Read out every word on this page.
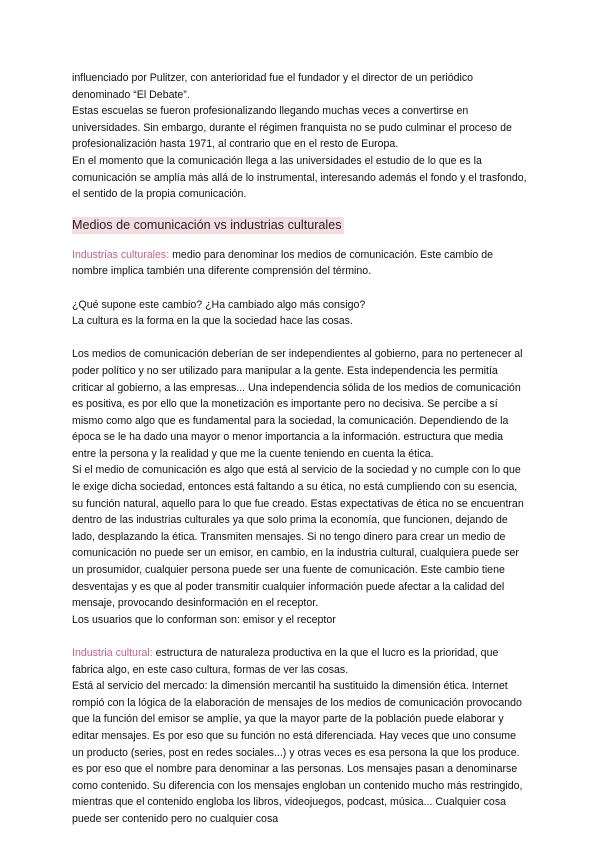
influenciado por Pulitzer, con anterioridad fue el fundador y el director de un periódico denominado “El Debate”.

Estas escuelas se fueron profesionalizando llegando muchas veces a convertirse en universidades. Sin embargo, durante el régimen franquista no se pudo culminar el proceso de profesionalización hasta 1971, al contrario que en el resto de Europa.

En el momento que la comunicación llega a las universidades el estudio de lo que es la comunicación se amplía más allá de lo instrumental, interesando además el fondo y el trasfondo, el sentido de la propia comunicación.

Medios de comunicación vs industrias culturales

Industrias culturales: medio para denominar los medios de comunicación. Este cambio de nombre implica también una diferente comprensión del término.

¿Qué supone este cambio? ¿Ha cambiado algo más consigo?

La cultura es la forma en la que la sociedad hace las cosas.

Los medios de comunicación deberían de ser independientes al gobierno, para no pertenecer al poder político y no ser utilizado para manipular a la gente. Esta independencia les permitía criticar al gobierno, a las empresas... Una independencia sólida de los medios de comunicación es positiva, es por ello que la monetización es importante pero no decisiva. Se percibe a sí mismo como algo que es fundamental para la sociedad, la comunicación. Dependiendo de la época se le ha dado una mayor o menor importancia a la información. estructura que media entre la persona y la realidad y que me la cuente teniendo en cuenta la ética.

Si el medio de comunicación es algo que está al servicio de la sociedad y no cumple con lo que le exige dicha sociedad, entonces está faltando a su ética, no está cumpliendo con su esencia, su función natural, aquello para lo que fue creado. Estas expectativas de ética no se encuentran dentro de las industrias culturales ya que solo prima la economía, que funcionen, dejando de lado, desplazando la ética. Transmiten mensajes. Si no tengo dinero para crear un medio de comunicación no puede ser un emisor, en cambio, en la industria cultural, cualquiera puede ser un prosumidor, cualquier persona puede ser una fuente de comunicación. Este cambio tiene desventajas y es que al poder transmitir cualquier información puede afectar a la calidad del mensaje, provocando desinformación en el receptor.

Los usuarios que lo conforman son: emisor y el receptor

Industria cultural: estructura de naturaleza productiva en la que el lucro es la prioridad, que fabrica algo, en este caso cultura, formas de ver las cosas.

Está al servicio del mercado: la dimensión mercantil ha sustituido la dimensión ética. Internet rompió con la lógica de la elaboración de mensajes de los medios de comunicación provocando que la función del emisor se amplíe, ya que la mayor parte de la población puede elaborar y editar mensajes. Es por eso que su función no está diferenciada. Hay veces que uno consume un producto (series, post en redes sociales...) y otras veces es esa persona la que los produce. es por eso que el nombre para denominar a las personas. Los mensajes pasan a denominarse como contenido. Su diferencia con los mensajes engloban un contenido mucho más restringido, mientras que el contenido engloba los libros, videojuegos, podcast, música... Cualquier cosa puede ser contenido pero no cualquier cosa
